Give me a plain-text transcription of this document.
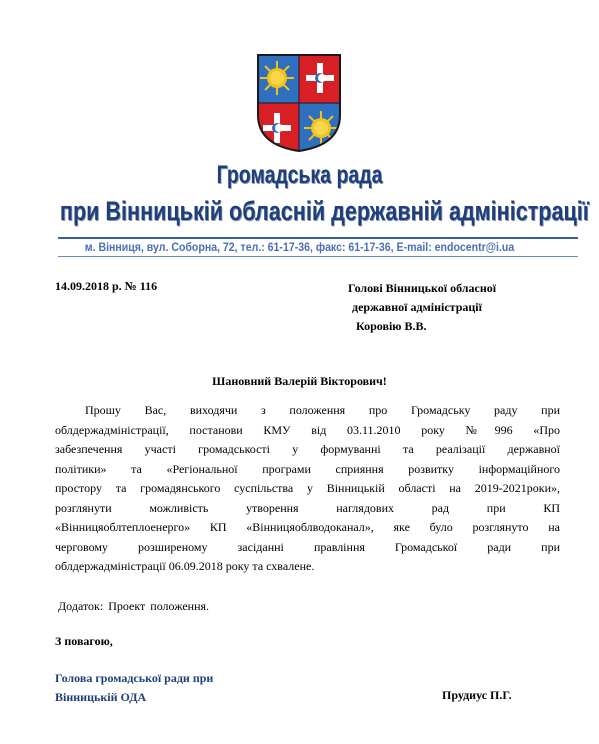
Громадська рада
при Вінницькій обласній державній адміністрації
м. Вінниця, вул. Соборна, 72, тел.: 61-17-36, факс: 61-17-36, E-mail: endocentr@i.ua
14.09.2018 р. № 116	Голові Вінницької обласної
державної адміністрації
Коровію В.В.
Шановний Валерій Вікторович!
Прошу Вас, виходячи з положення про Громадську раду при
облдержадміністрації, постанови КМУ від 03.11.2010 року №996 «Про
забезпечення участі громадськості у формуванні та реалізації державної
політики» та «Регіональної програми сприяння розвитку інформаційного
простору та громадянського суспільства у Вінницькій області на 2019-2021роки»,
розглянути можливість утворення наглядових рад при КП
«Вінницяоблтеплоенерго» КП «Вінницяоблводоканал», яке було розглянуто на
черговому розширеному засіданні правління Громадської ради при
облдержадміністрації 06.09.2018 року та схвалене.
Додаток: Проект положення.
З повагою,
Голова громадської ради при
Вінницькій ОДА	Прудиус П.Г.
